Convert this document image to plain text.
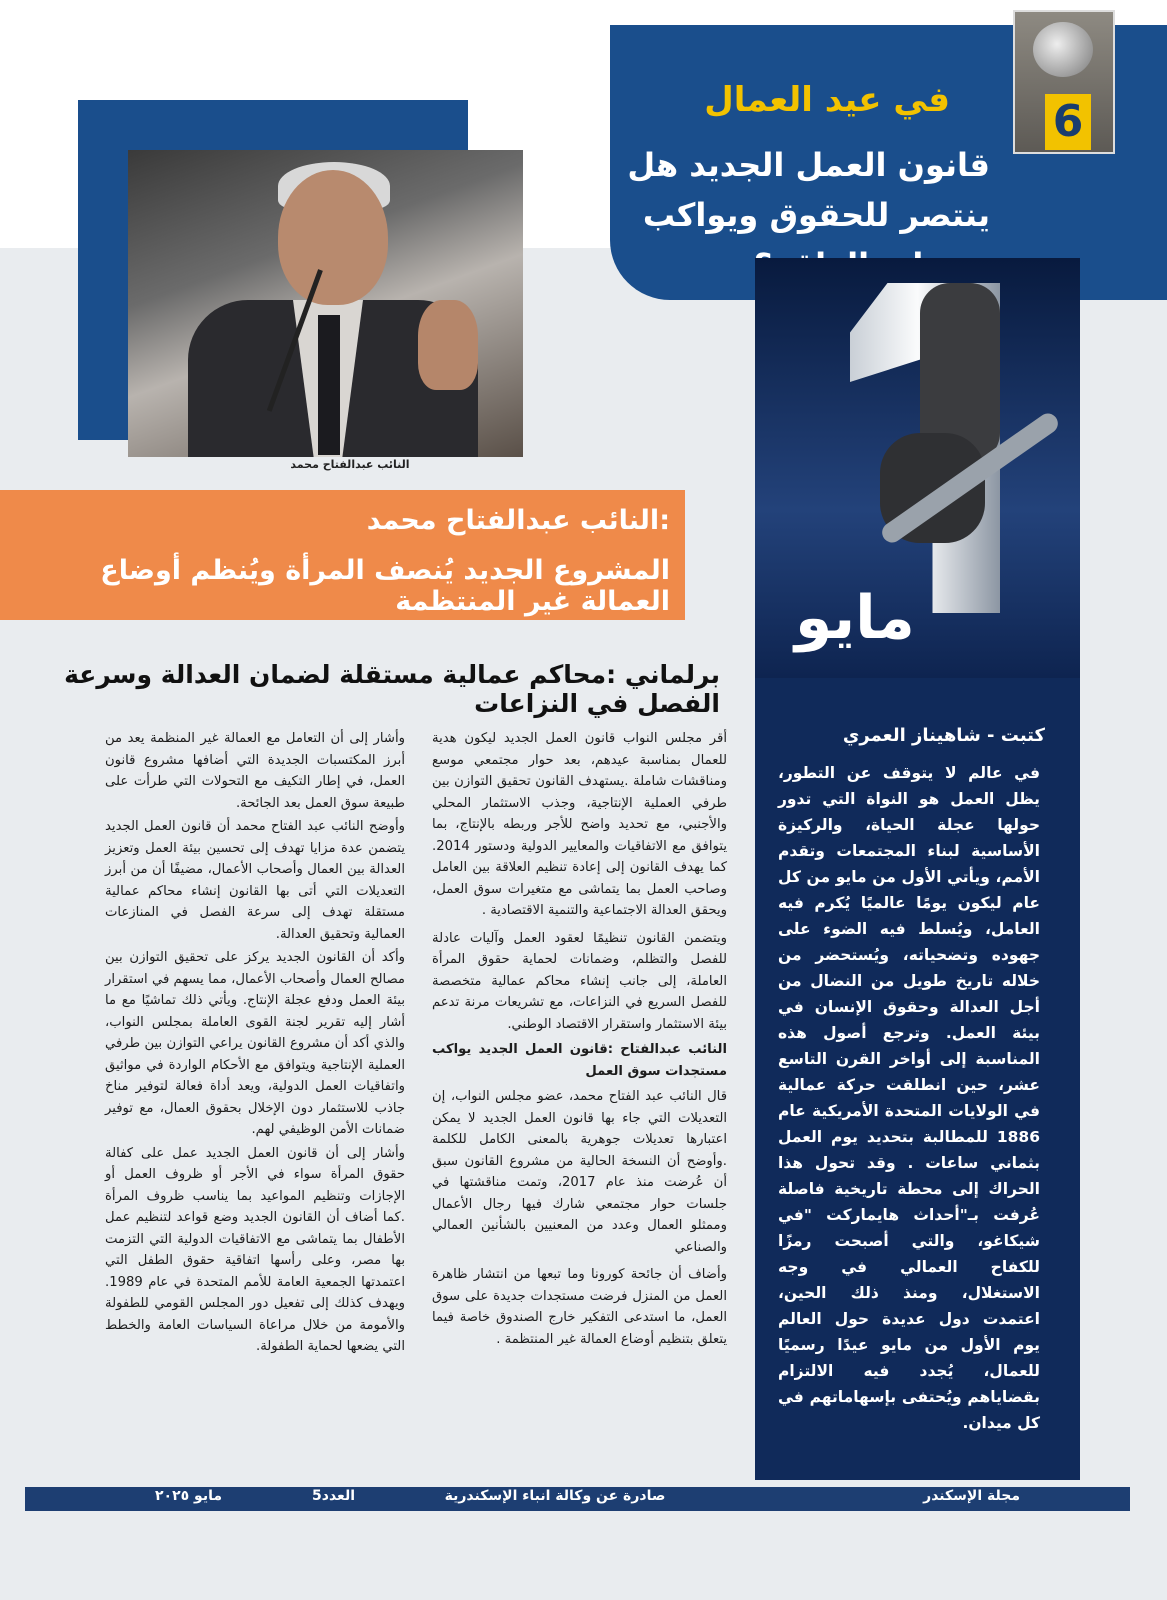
6
في عيد العمال
قانون العمل الجديد هل ينتصر للحقوق ويواكب
النائب عبدالفتاح محمد
مايو
كتبت - شاهيناز العمري
في عالم لا يتوقف عن التطور، يظل العمل هو النواة التي تدور حولها عجلة الحياة، والركيزة الأساسية لبناء المجتمعات وتقدم الأمم، ويأتي الأول من مايو من كل عام ليكون يومًا عالميًا يُكرم فيه العامل، ويُسلط فيه الضوء على جهوده وتضحياته، ويُستحضر من خلاله تاريخ طويل من النضال من أجل العدالة وحقوق الإنسان في بيئة العمل. وترجع أصول هذه المناسبة إلى أواخر القرن التاسع عشر، حين انطلقت حركة عمالية في الولايات المتحدة الأمريكية عام 1886 للمطالبة بتحديد يوم العمل بثماني ساعات . وقد تحول هذا الحراك إلى محطة تاريخية فاصلة عُرفت بـ"أحداث هايماركت "في شيكاغو، والتي أصبحت رمزًا للكفاح العمالي في وجه الاستغلال، ومنذ ذلك الحين، اعتمدت دول عديدة حول العالم يوم الأول من مايو عيدًا رسميًا للعمال، يُجدد فيه الالتزام بقضاياهم ويُحتفى بإسهاماتهم في كل ميدان.
النائب عبدالفتاح محمد:
المشروع الجديد يُنصف المرأة ويُنظم أوضاع العمالة غير المنتظمة
برلماني :محاكم عمالية مستقلة لضمان العدالة وسرعة الفصل في النزاعات
أقر مجلس النواب قانون العمل الجديد ليكون هدية للعمال بمناسبة عيدهم، بعد حوار مجتمعي موسع ومناقشات شاملة .يستهدف القانون تحقيق التوازن بين طرفي العملية الإنتاجية، وجذب الاستثمار المحلي والأجنبي، مع تحديد واضح للأجر وربطه بالإنتاج، بما يتوافق مع الاتفاقيات والمعايير الدولية ودستور 2014. كما يهدف القانون إلى إعادة تنظيم العلاقة بين العامل وصاحب العمل بما يتماشى مع متغيرات سوق العمل، ويحقق العدالة الاجتماعية والتنمية الاقتصادية .
ويتضمن القانون تنظيمًا لعقود العمل وآليات عادلة للفصل والتظلم، وضمانات لحماية حقوق المرأة العاملة، إلى جانب إنشاء محاكم عمالية متخصصة للفصل السريع في النزاعات، مع تشريعات مرنة تدعم بيئة الاستثمار واستقرار الاقتصاد الوطني.
النائب عبدالفتاح :قانون العمل الجديد يواكب مستجدات سوق العمل
قال النائب عبد الفتاح محمد، عضو مجلس النواب، إن التعديلات التي جاء بها قانون العمل الجديد لا يمكن اعتبارها تعديلات جوهرية بالمعنى الكامل للكلمة .وأوضح أن النسخة الحالية من مشروع القانون سبق أن عُرضت منذ عام 2017، وتمت مناقشتها في جلسات حوار مجتمعي شارك فيها رجال الأعمال وممثلو العمال وعدد من المعنيين بالشأنين العمالي والصناعي
وأضاف أن جائحة كورونا وما تبعها من انتشار ظاهرة العمل من المنزل فرضت مستجدات جديدة على سوق العمل، ما استدعى التفكير خارج الصندوق خاصة فيما يتعلق بتنظيم أوضاع العمالة غير المنتظمة .
وأشار إلى أن التعامل مع العمالة غير المنظمة يعد من أبرز المكتسبات الجديدة التي أضافها مشروع قانون العمل، في إطار التكيف مع التحولات التي طرأت على طبيعة سوق العمل بعد الجائحة.
وأوضح النائب عبد الفتاح محمد أن قانون العمل الجديد يتضمن عدة مزايا تهدف إلى تحسين بيئة العمل وتعزيز العدالة بين العمال وأصحاب الأعمال، مضيفًا أن من أبرز التعديلات التي أتى بها القانون إنشاء محاكم عمالية مستقلة تهدف إلى سرعة الفصل في المنازعات العمالية وتحقيق العدالة.
وأكد أن القانون الجديد يركز على تحقيق التوازن بين مصالح العمال وأصحاب الأعمال، مما يسهم في استقرار بيئة العمل ودفع عجلة الإنتاج. ويأتي ذلك تماشيًا مع ما أشار إليه تقرير لجنة القوى العاملة بمجلس النواب، والذي أكد أن مشروع القانون يراعي التوازن بين طرفي العملية الإنتاجية ويتوافق مع الأحكام الواردة في مواثيق واتفاقيات العمل الدولية، ويعد أداة فعالة لتوفير مناخ جاذب للاستثمار دون الإخلال بحقوق العمال، مع توفير ضمانات الأمن الوظيفي لهم.
وأشار إلى أن قانون العمل الجديد عمل على كفالة حقوق المرأة سواء في الأجر أو ظروف العمل أو الإجازات وتنظيم المواعيد بما يناسب ظروف المرأة .كما أضاف أن القانون الجديد وضع قواعد لتنظيم عمل الأطفال بما يتماشى مع الاتفاقيات الدولية التي التزمت بها مصر، وعلى رأسها اتفاقية حقوق الطفل التي اعتمدتها الجمعية العامة للأمم المتحدة في عام 1989. ويهدف كذلك إلى تفعيل دور المجلس القومي للطفولة والأمومة من خلال مراعاة السياسات العامة والخطط التي يضعها لحماية الطفولة.
مجلة الإسكندر
صادرة عن وكالة انباء الإسكندرية
مايو ٢٠٢٥	العدد5
